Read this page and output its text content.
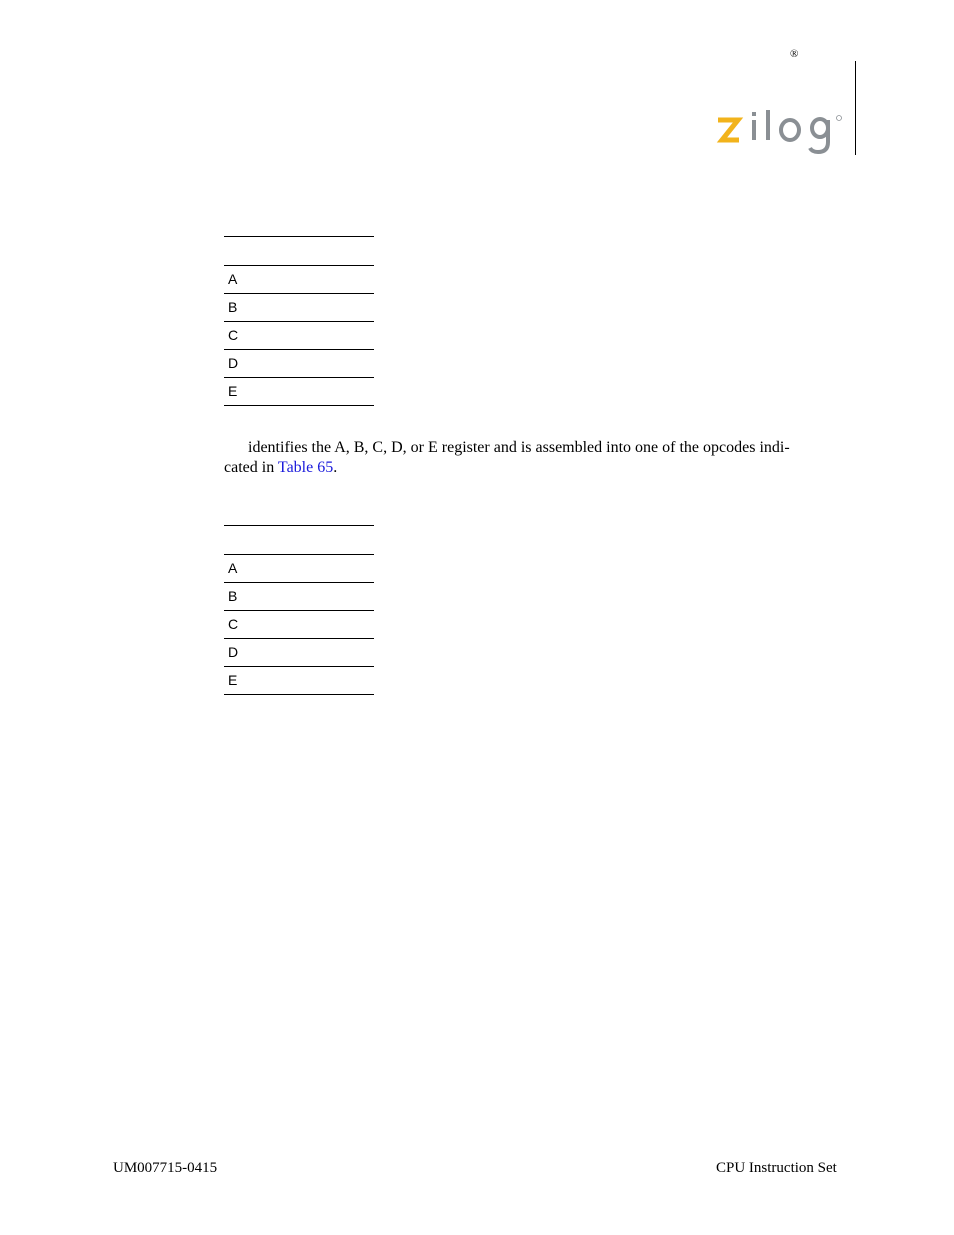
®
A
B
C
D
E
identifies the A, B, C, D, or E register and is assembled into one of the opcodes indi-
cated in Table 65.
A
B
C
D
E
UM007715-0415	CPU Instruction Set
